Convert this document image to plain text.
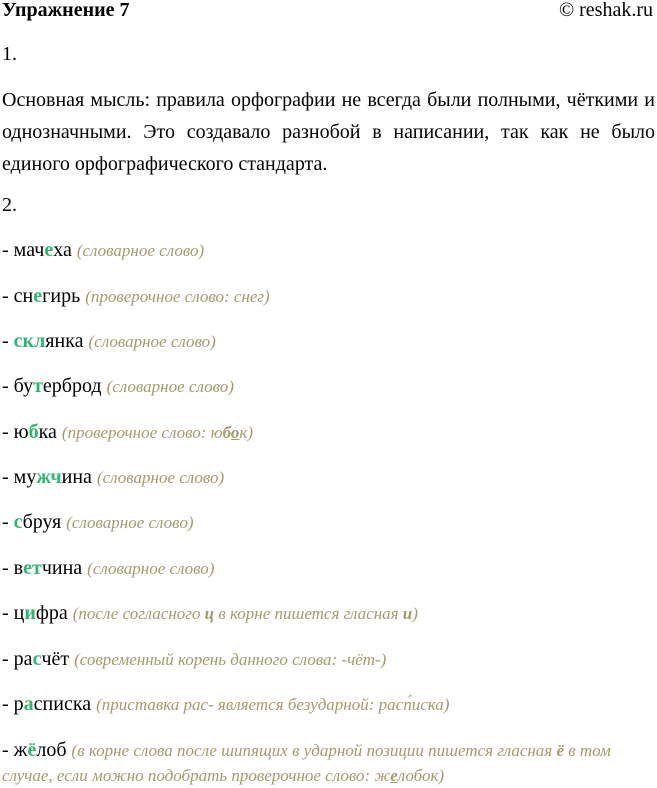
Упражнение 7	© reshak.ru
1.
Основная мысль: правила орфографии не всегда были полными, чёткими и однозначными. Это создавало разнобой в написании, так как не было единого орфографического стандарта.
2.
- мачеха (словарное слово)
- снегирь (проверочное слово: снег)
- склянка (словарное слово)
- бутерброд (словарное слово)
- юбка (проверочное слово: юбок)
- мужчина (словарное слово)
- сбруя (словарное слово)
- ветчина (словарное слово)
- цифра (после согласного ц в корне пишется гласная и)
- расчёт (современный корень данного слова: -чёт-)
- расписка (приставка рас- является безударной: расп́иска)
- жёлоб (в корне слова после шипящих в ударной позиции пишется гласная ё в том случае, если можно подобрать проверочное слово: желобок)
